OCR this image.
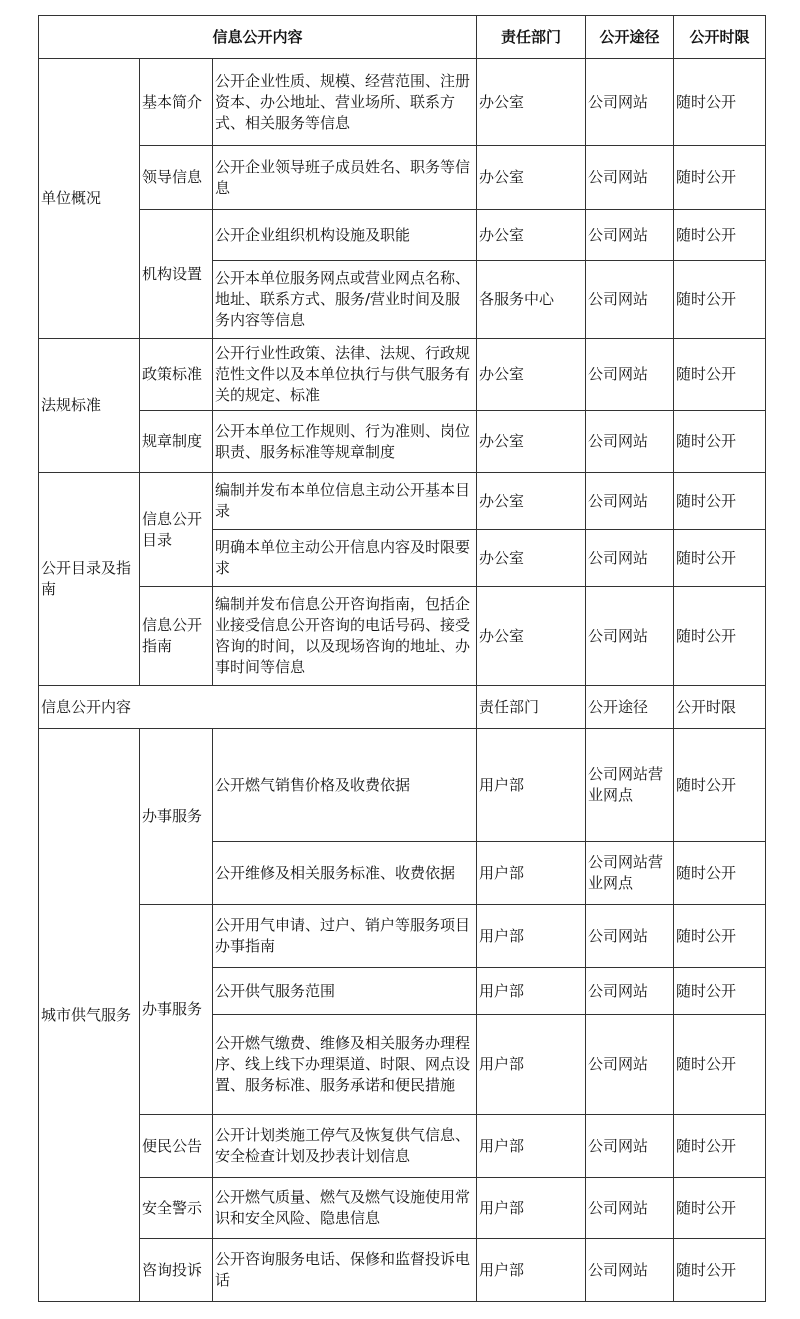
信息公开内容			责任部门	公开途径	公开时限
单位概况	基本简介	公开企业性质、规模、经营范围、注册资本、办公地址、营业场所、联系方式、相关服务等信息	办公室	公司网站	随时公开
	领导信息	公开企业领导班子成员姓名、职务等信息	办公室	公司网站	随时公开
	机构设置	公开企业组织机构设施及职能	办公室	公司网站	随时公开
		公开本单位服务网点或营业网点名称、地址、联系方式、服务/营业时间及服务内容等信息	各服务中心	公司网站	随时公开
法规标准	政策标准	公开行业性政策、法律、法规、行政规范性文件以及本单位执行与供气服务有关的规定、标准	办公室	公司网站	随时公开
	规章制度	公开本单位工作规则、行为准则、岗位职责、服务标准等规章制度	办公室	公司网站	随时公开
公开目录及指南	信息公开目录	编制并发布本单位信息主动公开基本目录	办公室	公司网站	随时公开
		明确本单位主动公开信息内容及时限要求	办公室	公司网站	随时公开
	信息公开指南	编制并发布信息公开咨询指南，包括企业接受信息公开咨询的电话号码、接受咨询的时间，以及现场咨询的地址、办事时间等信息	办公室	公司网站	随时公开
信息公开内容			责任部门	公开途径	公开时限
城市供气服务	办事服务	公开燃气销售价格及收费依据	用户部	公司网站营业网点	随时公开
		公开维修及相关服务标准、收费依据	用户部	公司网站营业网点	随时公开
	办事服务	公开用气申请、过户、销户等服务项目办事指南	用户部	公司网站	随时公开
		公开供气服务范围	用户部	公司网站	随时公开
		公开燃气缴费、维修及相关服务办理程序、线上线下办理渠道、时限、网点设置、服务标准、服务承诺和便民措施	用户部	公司网站	随时公开
	便民公告	公开计划类施工停气及恢复供气信息、安全检查计划及抄表计划信息	用户部	公司网站	随时公开
	安全警示	公开燃气质量、燃气及燃气设施使用常识和安全风险、隐患信息	用户部	公司网站	随时公开
	咨询投诉	公开咨询服务电话、保修和监督投诉电话	用户部	公司网站	随时公开
